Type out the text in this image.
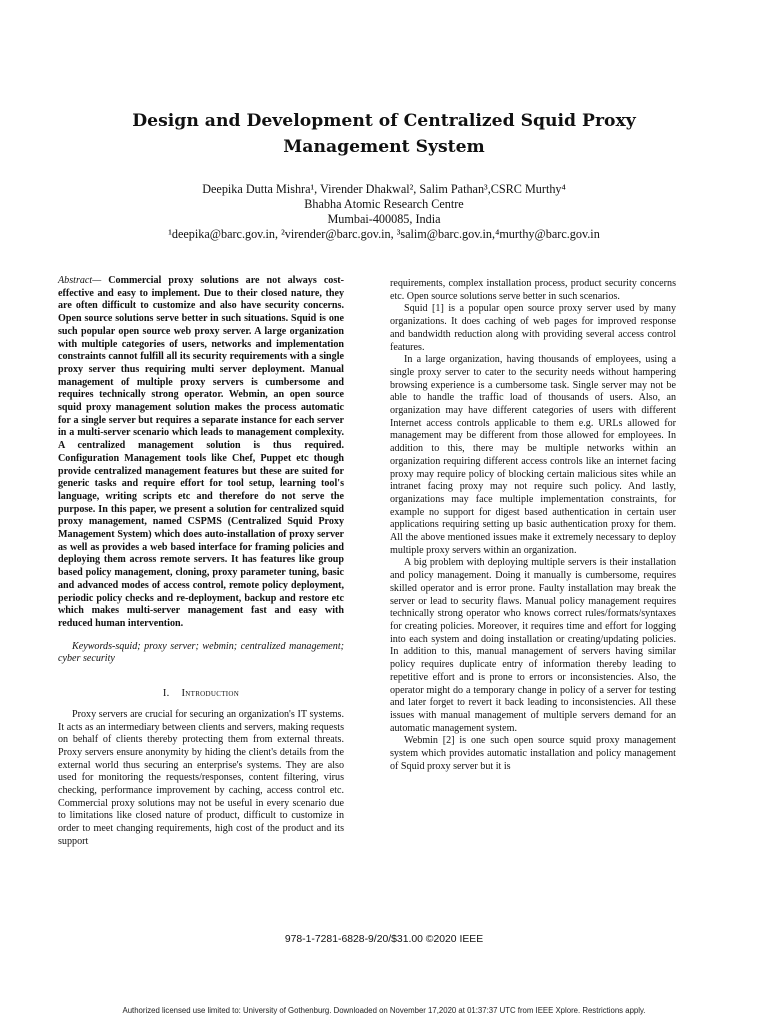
Design and Development of Centralized Squid Proxy Management System
Deepika Dutta Mishra¹, Virender Dhakwal², Salim Pathan³,CSRC Murthy⁴
Bhabha Atomic Research Centre
Mumbai-400085, India
¹deepika@barc.gov.in, ²virender@barc.gov.in, ³salim@barc.gov.in,⁴murthy@barc.gov.in

Abstract— Commercial proxy solutions are not always cost-effective and easy to implement. Due to their closed nature, they are often difficult to customize and also have security concerns. Open source solutions serve better in such situations. Squid is one such popular open source web proxy server. A large organization with multiple categories of users, networks and implementation constraints cannot fulfill all its security requirements with a single proxy server thus requiring multi server deployment. Manual management of multiple proxy servers is cumbersome and requires technically strong operator. Webmin, an open source squid proxy management solution makes the process automatic for a single server but requires a separate instance for each server in a multi-server scenario which leads to management complexity. A centralized management solution is thus required. Configuration Management tools like Chef, Puppet etc though provide centralized management features but these are suited for generic tasks and require effort for tool setup, learning tool's language, writing scripts etc and therefore do not serve the purpose. In this paper, we present a solution for centralized squid proxy management, named CSPMS (Centralized Squid Proxy Management System) which does auto-installation of proxy server as well as provides a web based interface for framing policies and deploying them across remote servers. It has features like group based policy management, cloning, proxy parameter tuning, basic and advanced modes of access control, remote policy deployment, periodic policy checks and re-deployment, backup and restore etc which makes multi-server management fast and easy with reduced human intervention.

Keywords-squid; proxy server; webmin; centralized management; cyber security

I. Introduction

Proxy servers are crucial for securing an organization's IT systems. It acts as an intermediary between clients and servers, making requests on behalf of clients thereby protecting them from external threats. Proxy servers ensure anonymity by hiding the client's details from the external world thus securing an enterprise's systems. They are also used for monitoring the requests/responses, content filtering, virus checking, performance improvement by caching, access control etc. Commercial proxy solutions may not be useful in every scenario due to limitations like closed nature of product, difficult to customize in order to meet changing requirements, high cost of the product and its support

requirements, complex installation process, product security concerns etc. Open source solutions serve better in such scenarios.

Squid [1] is a popular open source proxy server used by many organizations. It does caching of web pages for improved response and bandwidth reduction along with providing several access control features.

In a large organization, having thousands of employees, using a single proxy server to cater to the security needs without hampering browsing experience is a cumbersome task. Single server may not be able to handle the traffic load of thousands of users. Also, an organization may have different categories of users with different Internet access controls applicable to them e.g. URLs allowed for management may be different from those allowed for employees. In addition to this, there may be multiple networks within an organization requiring different access controls like an internet facing proxy may require policy of blocking certain malicious sites while an intranet facing proxy may not require such policy. And lastly, organizations may face multiple implementation constraints, for example no support for digest based authentication in certain user applications requiring setting up basic authentication proxy for them. All the above mentioned issues make it extremely necessary to deploy multiple proxy servers within an organization.

A big problem with deploying multiple servers is their installation and policy management. Doing it manually is cumbersome, requires skilled operator and is error prone. Faulty installation may break the server or lead to security flaws. Manual policy management requires technically strong operator who knows correct rules/formats/syntaxes for creating policies. Moreover, it requires time and effort for logging into each system and doing installation or creating/updating policies. In addition to this, manual management of servers having similar policy requires duplicate entry of information thereby leading to repetitive effort and is prone to errors or inconsistencies. Also, the operator might do a temporary change in policy of a server for testing and later forget to revert it back leading to inconsistencies. All these issues with manual management of multiple servers demand for an automatic management system.

Webmin [2] is one such open source squid proxy management system which provides automatic installation and policy management of Squid proxy server but it is

978-1-7281-6828-9/20/$31.00 ©2020 IEEE
Authorized licensed use limited to: University of Gothenburg. Downloaded on November 17,2020 at 01:37:37 UTC from IEEE Xplore. Restrictions apply.
